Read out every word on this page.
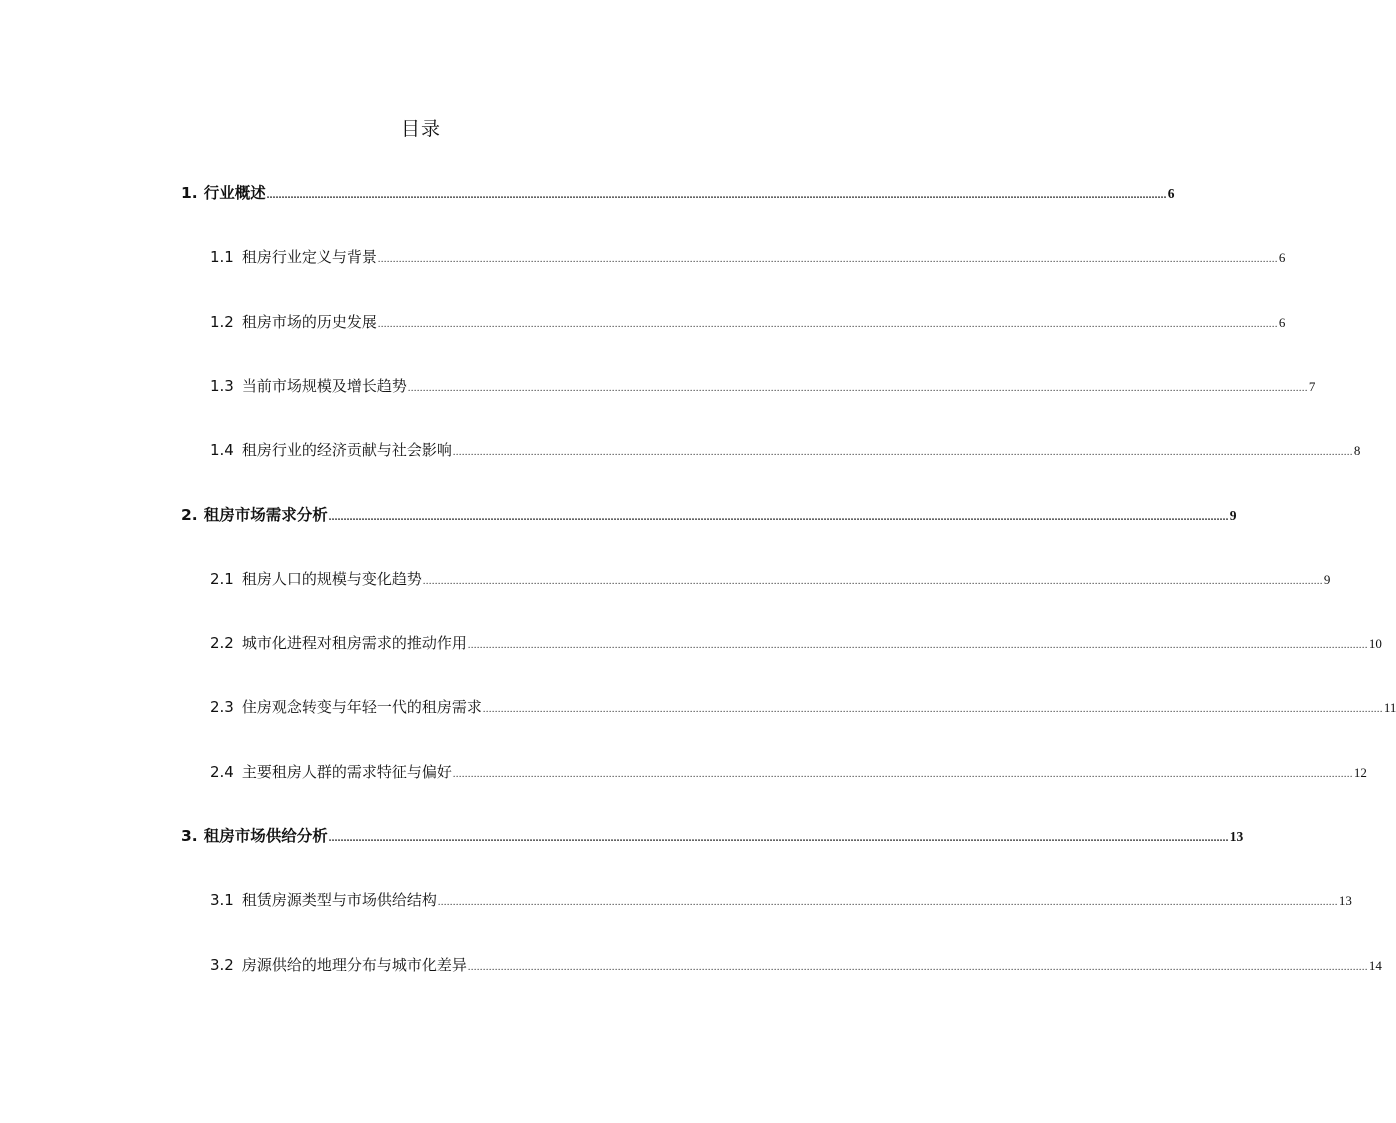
目录
1. 行业概述 ............................................................................................................................................................................................................................................................................................................ 6
1.1 租房行业定义与背景 ............................................................................................................................................................................................................................................................................................................ 6
1.2 租房市场的历史发展 ............................................................................................................................................................................................................................................................................................................ 6
1.3 当前市场规模及增长趋势 ............................................................................................................................................................................................................................................................................................................ 7
1.4 租房行业的经济贡献与社会影响 ............................................................................................................................................................................................................................................................................................................ 8
2. 租房市场需求分析 ............................................................................................................................................................................................................................................................................................................ 9
2.1 租房人口的规模与变化趋势 ............................................................................................................................................................................................................................................................................................................ 9
2.2 城市化进程对租房需求的推动作用 ............................................................................................................................................................................................................................................................................................................ 10
2.3 住房观念转变与年轻一代的租房需求 ............................................................................................................................................................................................................................................................................................................ 11
2.4 主要租房人群的需求特征与偏好 ............................................................................................................................................................................................................................................................................................................ 12
3. 租房市场供给分析 ............................................................................................................................................................................................................................................................................................................ 13
3.1 租赁房源类型与市场供给结构 ............................................................................................................................................................................................................................................................................................................ 13
3.2 房源供给的地理分布与城市化差异 ............................................................................................................................................................................................................................................................................................................ 14
